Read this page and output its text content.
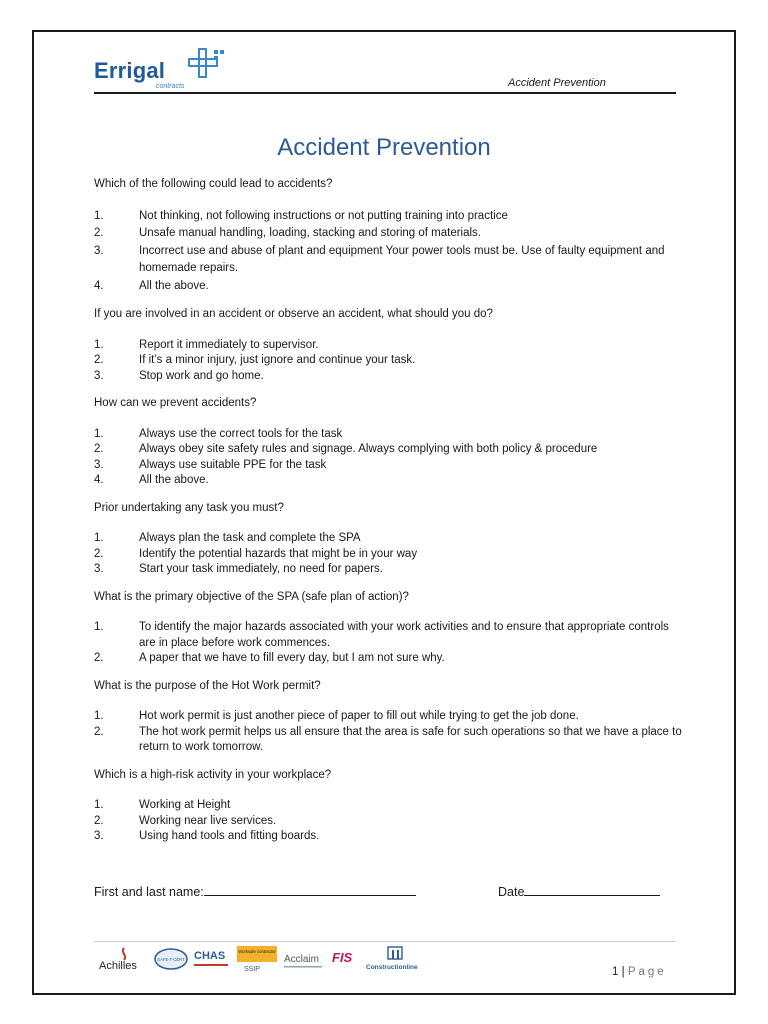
Errigal
contracts	Accident Prevention
Accident Prevention
Which of the following could lead to accidents?
1.	Not thinking, not following instructions or not putting training into practice
2.	Unsafe manual handling, loading, stacking and storing of materials.
3.	Incorrect use and abuse of plant and equipment Your power tools must be. Use of faulty equipment and homemade repairs.
4.	All the above.
If you are involved in an accident or observe an accident, what should you do?
1.	Report it immediately to supervisor.
2.	If it’s a minor injury, just ignore and continue your task.
3.	Stop work and go home.
How can we prevent accidents?
1.	Always use the correct tools for the task
2.	Always obey site safety rules and signage. Always complying with both policy & procedure
3.	Always use suitable PPE for the task
4.	All the above.
Prior undertaking any task you must?
1.	Always plan the task and complete the SPA
2.	Identify the potential hazards that might be in your way
3.	Start your task immediately, no need for papers.
What is the primary objective of the SPA (safe plan of action)?
1.	To identify the major hazards associated with your work activities and to ensure that appropriate controls are in place before work commences.
2.	A paper that we have to fill every day, but I am not sure why.
What is the purpose of the Hot Work permit?
1.	Hot work permit is just another piece of paper to fill out while trying to get the job done.
2.	The hot work permit helps us all ensure that the area is safe for such operations so that we have a place to return to work tomorrow.
Which is a high-risk activity in your workplace?
1.	Working at Height
2.	Working near live services.
3.	Using hand tools and fitting boards.
First and last name:	Date
Achilles
SAFE-T-CERT CHAS	Worksafe contractor
SSIP
Acclaim FIS
Constructionline	1 | Page
